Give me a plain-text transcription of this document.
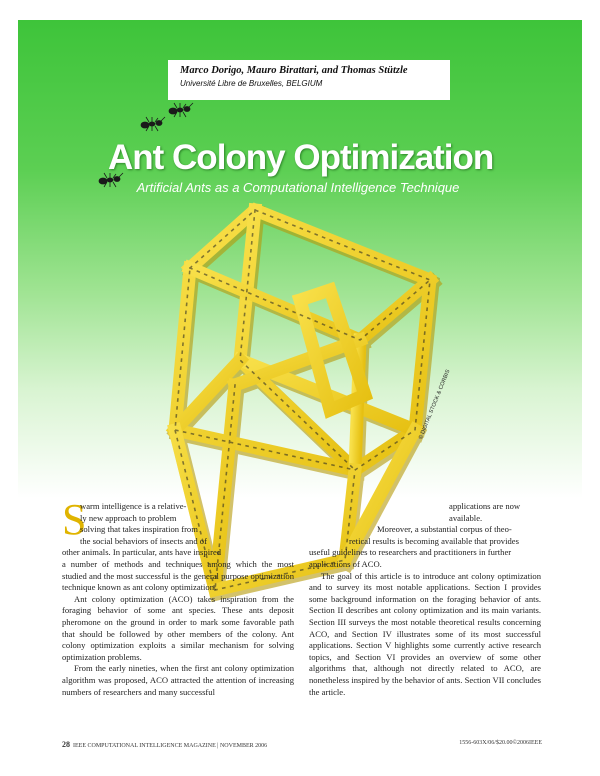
Marco Dorigo, Mauro Birattari, and Thomas Stützle
Université Libre de Bruxelles, BELGIUM
Ant Colony Optimization
Artificial Ants as a Computational Intelligence Technique
© DIGITAL STOCK & CORBIS
S

warm intelligence is a relative-

ly new approach to problem

solving that takes inspiration from

the social behaviors of insects and of

other animals. In particular, ants have inspired

a number of methods and techniques among which the most studied and the most successful is the general purpose optimization technique known as ant colony optimization.

Ant colony optimization (ACO) takes inspiration from the foraging behavior of some ant species. These ants deposit pheromone on the ground in order to mark some favorable path that should be followed by other members of the colony. Ant colony optimization exploits a similar mechanism for solving optimization problems.

From the early nineties, when the first ant colony optimization algorithm was proposed, ACO attracted the attention of increasing numbers of researchers and many successful

applications are now available.

Moreover, a substantial corpus of theo-

retical results is becoming available that provides

useful guidelines to researchers and practitioners in further

applications of ACO.

The goal of this article is to introduce ant colony optimization and to survey its most notable applications. Section I provides some background information on the foraging behavior of ants. Section II describes ant colony optimization and its main variants. Section III surveys the most notable theoretical results concerning ACO, and Section IV illustrates some of its most successful applications. Section V highlights some currently active research topics, and Section VI provides an overview of some other algorithms that, although not directly related to ACO, are nonetheless inspired by the behavior of ants. Section VII concludes the article.

28 IEEE COMPUTATIONAL INTELLIGENCE MAGAZINE | NOVEMBER 2006	1556-603X/06/$20.00©2006IEEE
